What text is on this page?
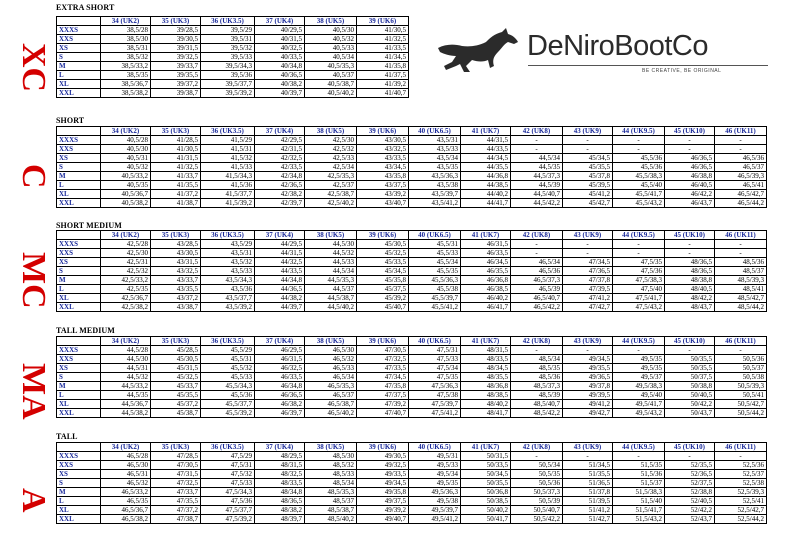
DeNiroBootCo
BE CREATIVE, BE ORIGINAL
EXTRA SHORT
XC
	34 (UK2)	35 (UK3)	36 (UK3.5)	37 (UK4)	38 (UK5)	39 (UK6)
XXXS	38,5/28	39/28,5	39,5/29	40/29,5	40,5/30	41/30,5
XXS	38,5/30	39/30,5	39,5/31	40/31,5	40,5/32	41/32,5
XS	38,5/31	39/31,5	39,5/32	40/32,5	40,5/33	41/33,5
S	38,5/32	39/32,5	39,5/33	40/33,5	40,5/34	41/34,5
M	38,5/33,2	39/33,7	39,5/34,3	40/34,8	40,5/35,3	41/35,8
L	38,5/35	39/35,5	39,5/36	40/36,5	40,5/37	41/37,5
XL	38,5/36,7	39/37,2	39,5/37,7	40/38,2	40,5/38,7	41/39,2
XXL	38,5/38,2	39/38,7	39,5/39,2	40/39,7	40,5/40,2	41/40,7
SHORT
C
	34 (UK2)	35 (UK3)	36 (UK3.5)	37 (UK4)	38 (UK5)	39 (UK6)	40 (UK6.5)	41 (UK7)	42 (UK8)	43 (UK9)	44 (UK9.5)	45 (UK10)	46 (UK11)
XXXS	40,5/28	41/28,5	41,5/29	42/29,5	42,5/30	43/30,5	43,5/31	44/31,5	-	-	-	-	-
XXS	40,5/30	41/30,5	41,5/31	42/31,5	42,5/32	43/32,5	43,5/33	44/33,5	-	-	-	-	-
XS	40,5/31	41/31,5	41,5/32	42/32,5	42,5/33	43/33,5	43,5/34	44/34,5	44,5/34	45/34,5	45,5/36	46/36,5	46,5/36
S	40,5/32	41/32,5	41,5/33	42/33,5	42,5/34	43/34,5	43,5/35	44/35,5	44,5/35	45/35,5	45,5/36	46/36,5	46,5/37
M	40,5/33,2	41/33,7	41,5/34,3	42/34,8	42,5/35,3	43/35,8	43,5/36,3	44/36,8	44,5/37,3	45/37,8	45,5/38,3	46/38,8	46,5/39,3
L	40,5/35	41/35,5	41,5/36	42/36,5	42,5/37	43/37,5	43,5/38	44/38,5	44,5/39	45/39,5	45,5/40	46/40,5	46,5/41
XL	40,5/36,7	41/37,2	41,5/37,7	42/38,2	42,5/38,7	43/39,2	43,5/39,7	44/40,2	44,5/40,7	45/41,2	45,5/41,7	46/42,2	46,5/42,7
XXL	40,5/38,2	41/38,7	41,5/39,2	42/39,7	42,5/40,2	43/40,7	43,5/41,2	44/41,7	44,5/42,2	45/42,7	45,5/43,2	46/43,7	46,5/44,2
SHORT MEDIUM
MC
	34 (UK2)	35 (UK3)	36 (UK3.5)	37 (UK4)	38 (UK5)	39 (UK6)	40 (UK6.5)	41 (UK7)	42 (UK8)	43 (UK9)	44 (UK9.5)	45 (UK10)	46 (UK11)
XXXS	42,5/28	43/28,5	43,5/29	44/29,5	44,5/30	45/30,5	45,5/31	46/31,5	-	-	-	-	-
XXS	42,5/30	43/30,5	43,5/31	44/31,5	44,5/32	45/32,5	45,5/33	46/33,5	-	-	-	-	-
XS	42,5/31	43/31,5	43,5/32	44/32,5	44,5/33	45/33,5	45,5/34	46/34,5	46,5/34	47/34,5	47,5/35	48/36,5	48,5/36
S	42,5/32	43/32,5	43,5/33	44/33,5	44,5/34	45/34,5	45,5/35	46/35,5	46,5/36	47/36,5	47,5/36	48/36,5	48,5/37
M	42,5/33,2	43/33,7	43,5/34,3	44/34,8	44,5/35,3	45/35,8	45,5/36,3	46/36,8	46,5/37,3	47/37,8	47,5/38,3	48/38,8	48,5/39,3
L	42,5/35	43/35,5	43,5/36	44/36,5	44,5/37	45/37,5	45,5/38	46/38,5	46,5/39	47/39,5	47,5/40	48/40,5	48,5/41
XL	42,5/36,7	43/37,2	43,5/37,7	44/38,2	44,5/38,7	45/39,2	45,5/39,7	46/40,2	46,5/40,7	47/41,2	47,5/41,7	48/42,2	48,5/42,7
XXL	42,5/38,2	43/38,7	43,5/39,2	44/39,7	44,5/40,2	45/40,7	45,5/41,2	46/41,7	46,5/42,2	47/42,7	47,5/43,2	48/43,7	48,5/44,2
TALL MEDIUM
MA
	34 (UK2)	35 (UK3)	36 (UK3.5)	37 (UK4)	38 (UK5)	39 (UK6)	40 (UK6.5)	41 (UK7)	42 (UK8)	43 (UK9)	44 (UK9.5)	45 (UK10)	46 (UK11)
XXXS	44,5/28	45/28,5	45,5/29	46/29,5	46,5/30	47/30,5	47,5/31	48/31,5	-	-	-	-	-
XXS	44,5/30	45/30,5	45,5/31	46/31,5	46,5/32	47/32,5	47,5/33	48/33,5	48,5/34	49/34,5	49,5/35	50/35,5	50,5/36
XS	44,5/31	45/31,5	45,5/32	46/32,5	46,5/33	47/33,5	47,5/34	48/34,5	48,5/35	49/35,5	49,5/35	50/35,5	50,5/37
S	44,5/32	45/32,5	45,5/33	46/33,5	46,5/34	47/34,5	47,5/35	48/35,5	48,5/36	49/36,5	49,5/37	50/37,5	50,5/38
M	44,5/33,2	45/33,7	45,5/34,3	46/34,8	46,5/35,3	47/35,8	47,5/36,3	48/36,8	48,5/37,3	49/37,8	49,5/38,3	50/38,8	50,5/39,3
L	44,5/35	45/35,5	45,5/36	46/36,5	46,5/37	47/37,5	47,5/38	48/38,5	48,5/39	49/39,5	49,5/40	50/40,5	50,5/41
XL	44,5/36,7	45/37,2	45,5/37,7	46/38,2	46,5/38,7	47/39,2	47,5/39,7	48/40,2	48,5/40,7	49/41,2	49,5/41,7	50/42,2	50,5/42,7
XXL	44,5/38,2	45/38,7	45,5/39,2	46/39,7	46,5/40,2	47/40,7	47,5/41,2	48/41,7	48,5/42,2	49/42,7	49,5/43,2	50/43,7	50,5/44,2
TALL
A
	34 (UK2)	35 (UK3)	36 (UK3.5)	37 (UK4)	38 (UK5)	39 (UK6)	40 (UK6.5)	41 (UK7)	42 (UK8)	43 (UK9)	44 (UK9.5)	45 (UK10)	46 (UK11)
XXXS	46,5/28	47/28,5	47,5/29	48/29,5	48,5/30	49/30,5	49,5/31	50/31,5	-	-	-	-	-
XXS	46,5/30	47/30,5	47,5/31	48/31,5	48,5/32	49/32,5	49,5/33	50/33,5	50,5/34	51/34,5	51,5/35	52/35,5	52,5/36
XS	46,5/31	47/31,5	47,5/32	48/32,5	48,5/33	49/33,5	49,5/34	50/34,5	50,5/35	51/35,5	51,5/36	52/36,5	52,5/37
S	46,5/32	47/32,5	47,5/33	48/33,5	48,5/34	49/34,5	49,5/35	50/35,5	50,5/36	51/36,5	51,5/37	52/37,5	52,5/38
M	46,5/33,2	47/33,7	47,5/34,3	48/34,8	48,5/35,3	49/35,8	49,5/36,3	50/36,8	50,5/37,3	51/37,8	51,5/38,3	52/38,8	52,5/39,3
L	46,5/35	47/35,5	47,5/36	48/36,5	48,5/37	49/37,5	49,5/38	50/38,5	50,5/39	51/39,5	51,5/40	52/40,5	52,5/41
XL	46,5/36,7	47/37,2	47,5/37,7	48/38,2	48,5/38,7	49/39,2	49,5/39,7	50/40,2	50,5/40,7	51/41,2	51,5/41,7	52/42,2	52,5/42,7
XXL	46,5/38,2	47/38,7	47,5/39,2	48/39,7	48,5/40,2	49/40,7	49,5/41,2	50/41,7	50,5/42,2	51/42,7	51,5/43,2	52/43,7	52,5/44,2
